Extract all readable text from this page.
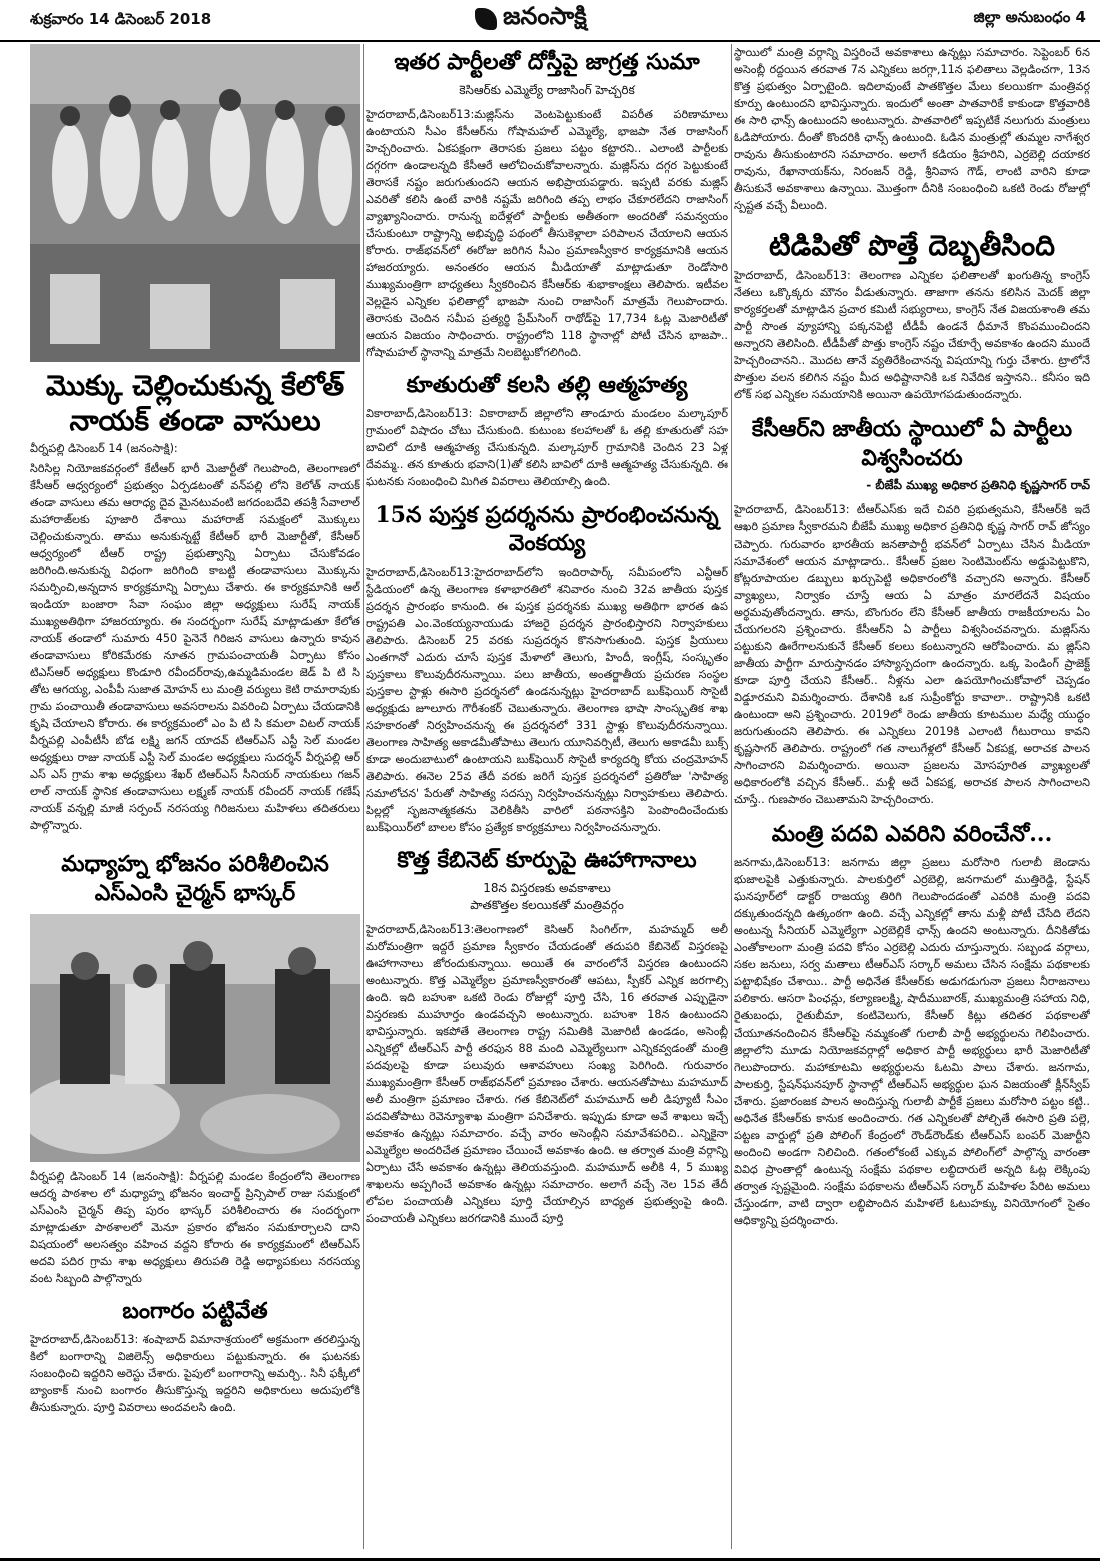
శుక్రవారం 14 డిసెంబర్ 2018	జనంసాక్షి	జిల్లా అనుబంధం 4
మొక్కు చెల్లించుకున్న కేలోత్ నాయక్ తండా వాసులు

వీర్నపల్లి డిసెంబర్ 14 (జనంసాక్షి):

సిరిసిల్ల నియోజకవర్గంలో కేటీఆర్ భారీ మెజార్టీతో గెలుపొంది, తెలంగాణలో కేసీఆర్ ఆధ్వర్యంలో ప్రభుత్వం ఏర్పడటంతో వన్‌పల్లి లోని కెలోత్ నాయక్ తండా వాసులు తమ ఆరాధ్య దైవ మైనటువంటి జగదంబదేవి తపశ్రీ సేవాలాల్ మహారాజ్‌లకు పూజారి దేశాయి మహారాజ్ సమక్షంలో మొక్కులు చెల్లించుకున్నారు. తాము అనుకున్నట్టే కేటీఆర్ భారీ మెజార్టీతో, కేసీఆర్ ఆధ్వర్యంలో టీఆర్ రాష్ట్ర ప్రభుత్వాన్ని ఏర్పాటు చేసుకోవడం జరిగింది.అనుకున్న విధంగా జరిగింది కాబట్టి తండావాసులు మొక్కును సమర్పించి,అన్నదాన కార్యక్రమాన్ని ఏర్పాటు చేశారు. ఈ కార్యక్రమానికి ఆల్ ఇండియా బంజారా సేవా సంఘం జిల్లా అధ్యక్షులు సురేష్ నాయక్ ముఖ్యఅతిథిగా హాజరయ్యారు. ఈ సందర్భంగా సురేష్ మాట్లాడుతూ కేలోత నాయక్ తండాలో సుమారు 450 పైనెనే గిరిజన వాసులు ఉన్నారు కావున తండావాసులు కోరికమేరకు నూతన గ్రామపంచాయతీ ఏర్పాటు కోసం టిఎస్ఆర్ అధ్యక్షులు కొండూరి రవీందర్‌రావు,ఉమ్మడిమండల జెడ్ పి టి సి తోట ఆగయ్య, ఎంపీపీ సుజాత మోహన్ లు మంత్రి వర్యులు కెటి రామారావుకు గ్రామ పంచాయితీ తండావాసులు అవసరాలను వివరించి ఏర్పాటు చేయడానికి కృషి చేయాలని కోరారు. ఈ కార్యక్రమంలో ఎం పి టి సి కమలా విటల్ నాయక్ వీర్నపల్లి ఎంపీటీసీ బోడ లక్ష్మి జగన్ యాదవ్ టిఆర్ఎస్ ఎస్టీ సెల్ మండల అధ్యక్షులు రాజు నాయక్ ఎస్టీ సెల్ మండల అధ్యక్షులు సుదర్శన్ వీర్నపల్లి ఆర్ ఎస్ ఎస్ గ్రామ శాఖ అధ్యక్షులు శేఖర్ టిఆర్ఎస్ సీనియర్ నాయకులు గజన్ లాల్ నాయక్ స్థానిక తండావాసులు లక్ష్మణ్ నాయక్ రవీందర్ నాయక్ గణేష్ నాయక్ వన్నల్లి మాజీ సర్పంచ్ నరసయ్య గిరిజనులు మహిళలు తదితరులు పాల్గొన్నారు.

మధ్యాహ్న భోజనం పరిశీలించిన ఎస్ఎంసి చైర్మన్ భాస్కర్

వీర్నపల్లి డిసెంబర్ 14 (జనంసాక్షి): వీర్నపల్లి మండల కేంద్రంలోని తెలంగాణ ఆదర్శ పాఠశాల లో మధ్యాహ్న భోజనం ఇంచార్జ్ ప్రిన్సిపాల్ రాజు సమక్షంలో ఎస్ఎంసి చైర్మన్ తిప్ప పురం భాస్కర్ పరిశీలించారు ఈ సందర్భంగా మాట్లాడుతూ పాఠశాలలో మెనూ ప్రకారం భోజనం సమకూర్చాలని దాని విషయంలో అలసత్వం వహించ వద్దని కోరారు ఈ కార్యక్రమంలో టిఆర్ఎస్ అదవి పదిర గ్రామ శాఖ అధ్యక్షులు తిరుపతి రెడ్డి అధ్యాపకులు నరసయ్య వంట సిబ్బంది పాల్గొన్నారు

బంగారం పట్టివేత

హైదరాబాద్,డిసెంబర్13: శంషాబాద్ విమానాశ్రయంలో అక్రమంగా తరలిస్తున్న కిలో బంగారాన్ని విజిలెన్స్ అధికారులు పట్టుకున్నారు. ఈ ఘటనకు సంబంధించి ఇద్దరిని అరెస్టు చేశారు. పైపులో బంగారాన్ని అమర్చి.. సినీ ఫక్కీలో బ్యాంకాక్ నుంచి బంగారం తీసుకొస్తున్న ఇద్దరిని అధికారులు అదుపులోకి తీసుకున్నారు. పూర్తి వివరాలు అందవలసి ఉంది.

ఇతర పార్టీలతో దోస్తీపై జాగ్రత్త సుమా

కెసిఆర్‌కు ఎమ్మెల్యే రాజాసింగ్ హెచ్చరిక

హైదరాబాద్,డిసెంబర్13:మజ్లిస్‌ను వెంటపెట్టుకుంటే విపరీత పరిణామాలు ఉంటాయని సీఎం కేసీఆర్‌ను గోషామహల్ ఎమ్మెల్యే, భాజపా నేత రాజాసింగ్ హెచ్చరించారు. ఏకపక్షంగా తెరాసకు ప్రజలు పట్టం కట్టారని.. ఎలాంటి పార్టీలకు దగ్గరగా ఉండాలన్నది కేసీఆరే ఆలోచించుకోవాలన్నారు. మజ్లిస్‌ను దగ్గర పెట్టుకుంటే తెరాసకే నష్టం జరుగుతుందని ఆయన అభిప్రాయపడ్డారు. ఇప్పటి వరకు మజ్లిస్ ఎవరితో కలిసి ఉంటే వారికి నష్టమే జరిగింది తప్ప లాభం చేకూరలేదని రాజాసింగ్ వ్యాఖ్యానించారు. రానున్న ఐదేళ్లలో పార్టీలకు అతీతంగా అందరితో సమన్వయం చేసుకుంటూ రాష్ట్రాన్ని అభివృద్ధి పథంలో తీసుకెళ్లాలా పరిపాలన చేయాలని ఆయన కోరారు. రాజ్‌భవన్‌లో ఈరోజు జరిగిన సీఎం ప్రమాణస్వీకార కార్యక్రమానికి ఆయన హాజరయ్యారు. అనంతరం ఆయన మీడియాతో మాట్లాడుతూ రెండోసారి ముఖ్యమంత్రిగా బాధ్యతలు స్వీకరించిన కేసీఆర్‌కు శుభాకాంక్షలు తెలిపారు. ఇటీవల వెల్లడైన ఎన్నికల ఫలితాల్లో భాజపా నుంచి రాజాసింగ్ మాత్రమే గెలుపొందారు. తెరాసకు చెందిన సమీప ప్రత్యర్థి ప్రేమ్‌సింగ్ రాథోడ్‌పై 17,734 ఓట్ల మెజారిటీతో ఆయన విజయం సాధించారు. రాష్ట్రంలోని 118 స్థానాల్లో పోటీ చేసిన భాజపా.. గోషామహల్ స్థానాన్ని మాత్రమే నిలబెట్టుకోగలిగింది.

కూతురుతో కలసి తల్లి ఆత్మహత్య

వికారాబాద్,డిసెంబర్13: వికారాబాద్ జిల్లాలోని తాండూరు మండలం మల్కాపూర్ గ్రామంలో విషాదం చోటు చేసుకుంది. కుటుంబ కలహాలతో ఓ తల్లి కూతురుతో సహ బావిలో దూకి ఆత్మహత్య చేసుకున్నది. మల్కాపూర్ గ్రామానికి చెందిన 23 ఏళ్ల దేవమ్మ.. తన కూతురు భవాని(1)తో కలిసి బావిలో దూకి ఆత్మహత్య చేసుకున్నది. ఈ ఘటనకు సంబంధించి మిగిత వివరాలు తెలియాల్సి ఉంది.

15న పుస్తక ప్రదర్శనను ప్రారంభించనున్న వెంకయ్య

హైదరాబాద్,డిసెంబర్13:హైదరాబాద్‌లోని ఇందిరాపార్క్ సమీపంలోని ఎన్టీఆర్ స్టేడియంలో ఉన్న తెలంగాణ కళాభారతిలో శనివారం నుంచి 32వ జాతీయ పుస్తక ప్రదర్శన ప్రారంభం కానుంది. ఈ పుస్తక ప్రదర్శనకు ముఖ్య అతిథిగా భారత ఉప రాష్ట్రపతి ఎం.వెంకయ్యనాయుడు హాజరై ప్రదర్శన ప్రారంభిస్తారని నిర్వాహకులు తెలిపారు. డిసెంబర్ 25 వరకు సుప్రదర్శన కొనసాగుతుంది. పుస్తక ప్రియులు ఎంతగానో ఎదురు చూసే పుస్తక మేళాలో తెలుగు, హిందీ, ఇంగ్లీష్, సంస్కృతం పుస్తకాలు కొలువుదీరనున్నాయి. పలు జాతీయ, అంతర్జాతీయ ప్రచురణ సంస్థల పుస్తకాల స్టాళ్లు ఈసారి ప్రదర్శనలో ఉండనున్నట్లు హైదరాబాద్ బుక్‌ఫెయిర్ సొసైటీ అధ్యక్షుడు జూలూరు గౌరీశంకర్ చెబుతున్నారు. తెలంగాణ భాషా సాంస్కృతిక శాఖ సహకారంతో నిర్వహించనున్న ఈ ప్రదర్శనలో 331 స్టాళ్లు కొలువుదీరనున్నాయి. తెలంగాణ సాహిత్య అకాడమీతోపాటు తెలుగు యూనివర్సిటీ, తెలుగు అకాడమీ బుక్స్ కూడా అందుబాటులో ఉంటాయని బుక్‌ఫెయిర్ సొసైటీ కార్యదర్శి కోయ చంద్రమోహన్ తెలిపారు. ఈనెల 25వ తేదీ వరకు జరిగే పుస్తక ప్రదర్శనలో ప్రతిరోజు 'సాహిత్య సమాలోచన' పేరుతో సాహిత్య సదస్సు నిర్వహించనున్నట్లు నిర్వాహకులు తెలిపారు. పిల్లల్లో సృజనాత్మకతను వెలికితీసి వారిలో పఠనాసక్తిని పెంపొందించేందుకు బుక్‌ఫెయిర్‌లో బాలల కోసం ప్రత్యేక కార్యక్రమాలు నిర్వహించనున్నారు.

కొత్త కేబినెట్ కూర్పుపై ఊహాగానాలు

18న విస్తరణకు అవకాశాలు
పాతకొత్తల కలయికతో మంత్రివర్గం

హైదరాబాద్,డిసెంబర్13:తెలంగాణలో కెసిఆర్ సింగిల్‌గా, మహమ్మద్ అలీ మరోమంత్రిగా ఇద్దరే ప్రమాణ స్వీకారం చేయడంతో తదుపరి కేబినెట్ విస్తరణపై ఊహాగానాలు జోరందుకున్నాయి. అయితే ఈ వారంలోనే విస్తరణ ఉంటుందని అంటున్నారు. కొత్త ఎమ్మెల్యేల ప్రమాణస్వీకారంతో ఆపటు, స్పీకర్ ఎన్నిక జరగాల్సి ఉంది. ఇది బహుశా ఒకటి రెండు రోజుల్లో పూర్తి చేసి, 16 తరవాత ఎప్పుడైనా విస్తరణకు ముహూర్తం ఉండవచ్చని అంటున్నారు. బహుశా 18న ఉంటుందని భావిస్తున్నారు. ఇకపోతే తెలంగాణ రాష్ట్ర సమితికి మెజారిటీ ఉండడం, అసెంబ్లీ ఎన్నికల్లో టీఆర్ఎస్ పార్టీ తరఫున 88 మంది ఎమ్మెల్యేలుగా ఎన్నికవ్వడంతో మంత్రి పదవులపై కూడా పలువురు ఆశావహులు సంఖ్య పెరిగింది. గురువారం ముఖ్యమంత్రిగా కేసీఆర్ రాజ్‌భవన్‌లో ప్రమాణం చేశారు. ఆయనతోపాటు మహమూద్ అలీ మంత్రిగా ప్రమాణం చేశారు. గత కేబినెట్‌లో మహమూద్ అలీ డిప్యూటీ సీఎం పదవితోపాటు రెవెన్యూశాఖ మంత్రిగా పనిచేశారు. ఇప్పుడు కూడా అవే శాఖలు ఇచ్చే అవకాశం ఉన్నట్లు సమాచారం. వచ్చే వారం అసెంబ్లీని సమావేశపరిచి.. ఎన్నికైనా ఎమ్మెల్యేల అందరిచేత ప్రమాణం చేయించే అవకాశం ఉంది. ఆ తర్వాత మంత్రి వర్గాన్ని ఏర్పాటు చేసే అవకాశం ఉన్నట్లు తెలియవస్తుంది. మహమూద్ అలీకి 4, 5 ముఖ్య శాఖలను అప్పగించే అవకాశం ఉన్నట్లు సమాచారం. అలాగే వచ్చే నెల 15వ తేదీ లోపల పంచాయతీ ఎన్నికలు పూర్తి చేయాల్సిన బాధ్యత ప్రభుత్వంపై ఉంది. పంచాయతీ ఎన్నికలు జరగడానికి ముందే పూర్తి

స్థాయిలో మంత్రి వర్గాన్ని విస్తరించే అవకాశాలు ఉన్నట్లు సమాచారం. సెప్టెంబర్ 6న అసెంబ్లీ రద్దయిన తరవాత 7న ఎన్నికలు జరగ్గా,11న ఫలితాలు వెల్లడించగా, 13న కొత్త ప్రభుత్వం ఏర్పాటైంది. ఇదిలావుంటే పాతకొత్తల మేలు కలయికగా మంత్రివర్గ కూర్పు ఉంటుందని భావిస్తున్నారు. ఇందులో అంతా పాతవారికే కాకుండా కొత్తవారికి ఈ సారి ఛాన్స్ ఉంటుందని అంటున్నారు. పాతవారిలో ఇప్పటికే నలుగురు మంత్రులు ఓడిపోయారు. దీంతో కొందరికి ఛాన్స్ ఉంటుంది. ఓడిన మంత్రుల్లో తుమ్మల నాగేశ్వర రావును తీసుకుంటారని సమాచారం. అలాగే కడియం శ్రీహరిని, ఎర్రబెల్లి దయాకర రావును, రేఖానాయక్‌ను, నిరంజన్ రెడ్డి, శ్రీనివాస గౌడ్, లాంటి వారిని కూడా తీసుకునే అవకాశాలు ఉన్నాయి. మొత్తంగా దీనికి సంబంధించి ఒకటి రెండు రోజుల్లో స్పష్టత వచ్చే వీలుంది.

టిడిపితో పొత్తే దెబ్బతీసింది

హైదరాబాద్, డిసెంబర్13: తెలంగాణ ఎన్నికల ఫలితాలతో ఖంగుతిన్న కాంగ్రెస్ నేతలు ఒక్కొక్కరు మౌనం వీడుతున్నారు. తాజాగా తనను కలిసిన మెదక్ జిల్లా కార్యకర్తలతో మాట్లాడిన ప్రచార కమిటీ సభ్యురాలు, కాంగ్రెస్ నేత విజయశాంతి తమ పార్టీ సొంత వ్యూహాన్ని పక్కనపెట్టి టీడీపీ ఉండనే ధీమానే కొంపముంచిందని అన్నారని తెలిసింది. టీడీపీతో పొత్తు కాంగ్రెస్ నష్టం చేకూర్చే అవకాశం ఉందని ముందే హెచ్చరించానని.. మొదట తానే వ్యతిరేకించానన్న విషయాన్ని గుర్తు చేశారు. ట్రాలోనే పొత్తుల వలన కలిగిన నష్టం మీద అధిష్టానానికి ఒక నివేదిక ఇస్తానని.. కనీసం ఇది లోక్ సభ ఎన్నికల సమయానికి అయినా ఉపయోగపడుతుందన్నారు.

కేసీఆర్‌ని జాతీయ స్థాయిలో ఏ పార్టీలు విశ్వసించరు

- బీజేపీ ముఖ్య అధికార ప్రతినిధి కృష్ణసాగర్ రావ్

హైదరాబాద్, డిసెంబర్13: టీఆర్ఎస్‌కు ఇదే చివరి ప్రభుత్వమని, కేసీఆర్‌కి ఇదే ఆఖరి ప్రమాణ స్వీకారమని బీజేపీ ముఖ్య అధికార ప్రతినిధి కృష్ణ సాగర్ రావ్ జోస్యం చెప్పారు. గురువారం భారతీయ జనతాపార్టీ భవన్‌లో ఏర్పాటు చేసిన మీడియా సమావేశంలో ఆయన మాట్లాడారు.. కేసీఆర్ ప్రజల సెంటిమెంట్‌ను అడ్డుపెట్టుకొని, కోట్లరూపాయల డబ్బులు ఖర్చుపెట్టి అధికారంలోకి వచ్చారని అన్నారు. కేసీఆర్ వ్యాఖ్యలు, నిర్వాకం చూస్తే ఆయ ఏ మాత్రం మారలేదనే విషయం అర్థమవుతోందన్నారు. తాను, బొంగురం లేని కేసీఆర్ జాతీయ రాజకీయాలను ఏం చేయగలరని ప్రశ్నించారు. కేసీఆర్‌ని ఏ పార్టీలు విశ్వసించవన్నారు. మజ్లిస్‌ను పట్టుకుని ఊరేగాలనుకునే కేసీఆర్ కలలు కంటున్నారని ఆరోపించారు. మ జ్లిస్‌ని జాతీయ పార్టీగా మారుస్తానడం హాస్యాస్పదంగా ఉందన్నారు. ఒక్క పెండింగ్ ప్రాజెక్ట్ కూడా పూర్తి చేయని కేసీఆర్.. నీళ్లను ఎలా ఉపయోగించుకోవాలో చెప్పడం విడ్డూరమని విమర్శించారు. దేశానికి ఒక సుప్రీంకోర్టు కావాలా.. రాష్ట్రానికి ఒకటి ఉంటుందా అని ప్రశ్నించారు. 2019లో రెండు జాతీయ కూటముల మధ్యే యుద్ధం జరుగుతుందని తెలిపారు. ఈ ఎన్నికలు 2019కి ఎలాంటి గీటురాయి కావని కృష్ణసాగర్ తెలిపారు. రాష్ట్రంలో గత నాలుగేళ్లలో కేసీఆర్ ఏకపక్ష, అరాచక పాలన సాగించారని విమర్శించారు. అయినా ప్రజలను మోసపూరిత వ్యాఖ్యలతో అధికారంలోకి వచ్చిన కేసీఆర్.. మళ్లీ అదే ఏకపక్ష, అరాచక పాలన సాగించాలని చూస్తే.. గుణపాఠం చెబుతామని హెచ్చరించారు.

మంత్రి పదవి ఎవరిని వరించేనో...

జనగామ,డిసెంబర్13: జనగామ జిల్లా ప్రజలు మరోసారి గులాబీ జెండాను భుజాలపైకి ఎత్తుకున్నారు. పాలకుర్తిలో ఎర్రబెల్లి, జనగామలో ముత్తిరెడ్డి, స్టేషన్ ఘనపూర్‌లో డాక్టర్ రాజయ్య తిరిగి గెలుపొందడంతో ఎవరికి మంత్రి పదవి దక్కుతుందన్నది ఉత్కంఠగా ఉంది. వచ్చే ఎన్నికల్లో తాను మళ్లీ పోటీ చేసేది లేదని అంటున్న సీనియర్ ఎమ్మెల్యేగా ఎర్రబెల్లికే ఛాన్స్ ఉందని అంటున్నారు. దీనికితోడు ఎంతోకాలంగా మంత్రి పదవి కోసం ఎర్రబెల్లి ఎదురు చూస్తున్నారు. సబ్బండ వర్గాలు, సకల జనులు, సర్వ మతాలు టీఆర్ఎస్ సర్కార్ అమలు చేసిన సంక్షేమ పథకాలకు పట్టాభిషేకం చేశాయి.. పార్టీ అధినేత కేసీఆర్‌కు అడుగడుగునా ప్రజలు నీరాజనాలు పలికారు. ఆసరా పింఛన్లు, కల్యాణలక్ష్మి, షాదీముబారక్, ముఖ్యమంత్రి సహాయ నిధి, రైతుబంధు, రైతుబీమా, కంటివెలుగు, కేసీఆర్ కిట్లు తదితర పథకాలతో చేయూతనందించిన కేసీఆర్‌పై నమ్మకంతో గులాబీ పార్టీ అభ్యర్థులను గెలిపించారు. జిల్లాలోని మూడు నియోజకవర్గాల్లో అధికార పార్టీ అభ్యర్థులు భారీ మెజారిటీతో గెలుపొందారు. మహాకూటమి అభ్యర్థులను ఓటమి పాలు చేశారు. జనగామ, పాలకుర్తి, స్టేషన్‌ఘనపూర్ స్థానాల్లో టీఆర్ఎస్ అభ్యర్థుల ఘన విజయంతో క్లీన్‌స్వీప్ చేశారు. ప్రజారంజక పాలన అందిస్తున్న గులాబీ పార్టీకే ప్రజలు మరోసారి పట్టం కట్టి.. అధినేత కేసీఆర్‌కు కానుక అందించారు. గత ఎన్నికలతో పోల్చితే ఈసారి ప్రతి పల్లె, పట్టణ వార్డుల్లో ప్రతి పోలింగ్ కేంద్రంలో రౌండ్‌రౌండ్‌కు టీఆర్ఎస్ బంపర్ మెజార్టీని అందించి అండగా నిలిచింది. గతంలోకంటే ఎక్కువ పోలింగ్‌లో పాల్గొన్న వారంతా వివిధ ప్రాంతాల్లో ఉంటున్న సంక్షేమ పథకాల లబ్ధిదారులే అన్నది ఓట్ల లెక్కింపు తర్వాత స్పష్టమైంది. సంక్షేమ పథకాలను టీఆర్ఎస్ సర్కార్ మహిళల పేరిట అమలు చేస్తుండగా, వాటి ద్వారా లబ్ధిపొందిన మహిళలే ఓటుహక్కు వినియోగంలో సైతం ఆధిక్యాన్ని ప్రదర్శించారు.
